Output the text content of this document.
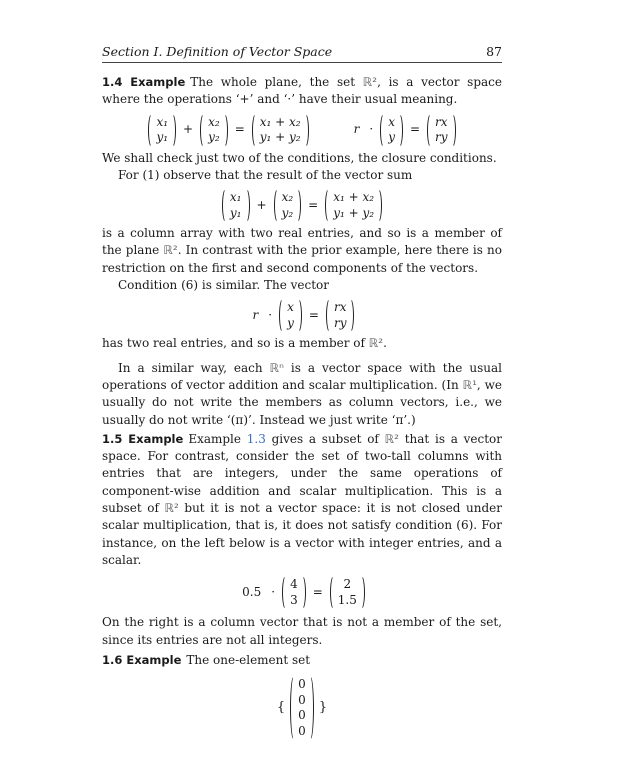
Section I. Definition of Vector Space	87

1.4 Example The whole plane, the set ℝ², is a vector space where the operations ‘+’ and ‘·’ have their usual meaning.

x₁
y₁
+
x₂
y₂
=
x₁ + x₂
y₁ + y₂
r ·
x
y
=
rx
ry

We shall check just two of the conditions, the closure conditions.

For (1) observe that the result of the vector sum

x₁
y₁
+
x₂
y₂
=
x₁ + x₂
y₁ + y₂

is a column array with two real entries, and so is a member of the plane ℝ². In contrast with the prior example, here there is no restriction on the first and second components of the vectors.

Condition (6) is similar. The vector

r ·
x
y
=
rx
ry

has two real entries, and so is a member of ℝ².

In a similar way, each ℝⁿ is a vector space with the usual operations of vector addition and scalar multiplication. (In ℝ¹, we usually do not write the members as column vectors, i.e., we usually do not write ‘(π)’. Instead we just write ‘π’.)

1.5 Example Example 1.3 gives a subset of ℝ² that is a vector space. For contrast, consider the set of two-tall columns with entries that are integers, under the same operations of component-wise addition and scalar multiplication. This is a subset of ℝ² but it is not a vector space: it is not closed under scalar multiplication, that is, it does not satisfy condition (6). For instance, on the left below is a vector with integer entries, and a scalar.

0.5 ·
4
3
=
2
1.5

On the right is a column vector that is not a member of the set, since its entries are not all integers.

1.6 Example The one-element set

{
0
0
0
0
}
